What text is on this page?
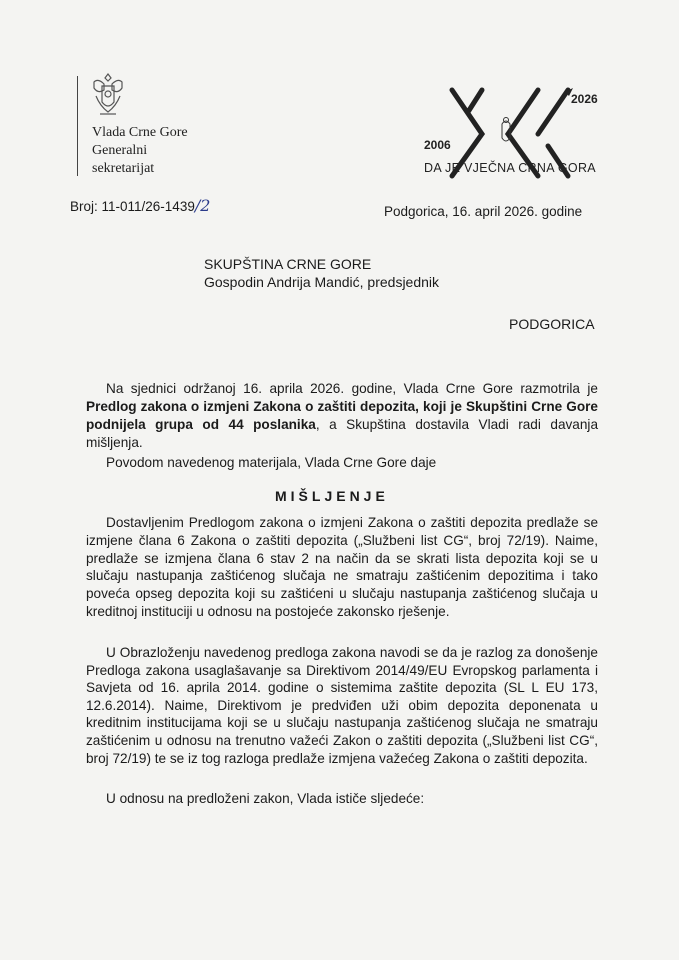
Vlada Crne Gore
Generalni
sekretarijat
2006
2026
DA JE VJEČNA CRNA GORA
Broj: 11-011/26-1439/2	Podgorica, 16. april 2026. godine
SKUPŠTINA CRNE GORE
Gospodin Andrija Mandić, predsjednik
PODGORICA
Na sjednici održanoj 16. aprila 2026. godine, Vlada Crne Gore razmotrila je Predlog zakona o izmjeni Zakona o zaštiti depozita, koji je Skupštini Crne Gore podnijela grupa od 44 poslanika, a Skupština dostavila Vladi radi davanja mišljenja.
Povodom navedenog materijala, Vlada Crne Gore daje
MIŠLJENJE
Dostavljenim Predlogom zakona o izmjeni Zakona o zaštiti depozita predlaže se izmjene člana 6 Zakona o zaštiti depozita („Službeni list CG“, broj 72/19). Naime, predlaže se izmjena člana 6 stav 2 na način da se skrati lista depozita koji se u slučaju nastupanja zaštićenog slučaja ne smatraju zaštićenim depozitima i tako poveća opseg depozita koji su zaštićeni u slučaju nastupanja zaštićenog slučaja u kreditnoj instituciji u odnosu na postojeće zakonsko rješenje.
U Obrazloženju navedenog predloga zakona navodi se da je razlog za donošenje Predloga zakona usaglašavanje sa Direktivom 2014/49/EU Evropskog parlamenta i Savjeta od 16. aprila 2014. godine o sistemima zaštite depozita (SL L EU 173, 12.6.2014). Naime, Direktivom je predviđen uži obim depozita deponenata u kreditnim institucijama koji se u slučaju nastupanja zaštićenog slučaja ne smatraju zaštićenim u odnosu na trenutno važeći Zakon o zaštiti depozita („Službeni list CG“, broj 72/19) te se iz tog razloga predlaže izmjena važećeg Zakona o zaštiti depozita.
U odnosu na predloženi zakon, Vlada ističe sljedeće:
